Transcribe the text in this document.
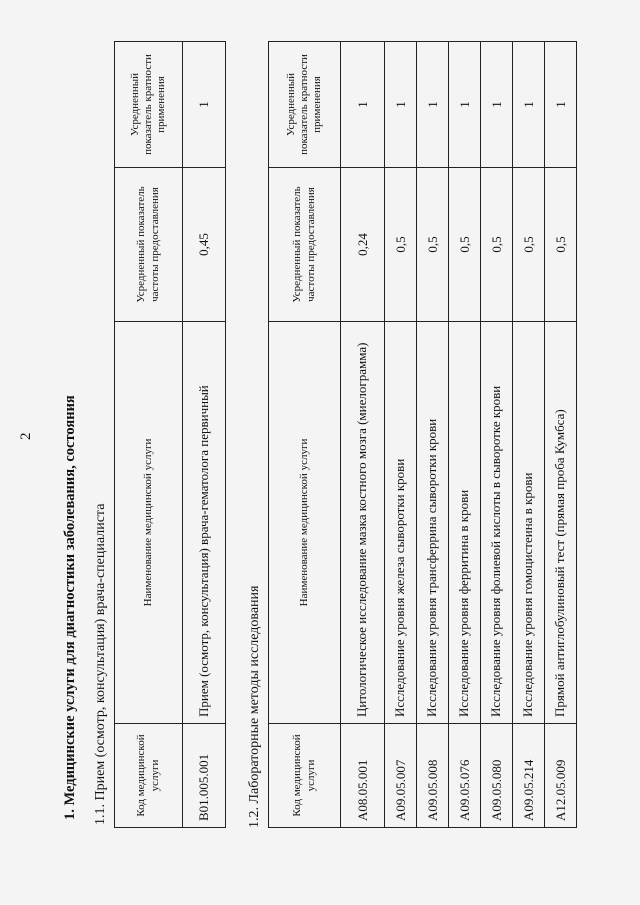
2 1. Медицинские услуги для диагностики заболевания, состояния 1.1. Прием (осмотр, консультация) врача-специалиста Код медицинской услуги	Наименование медицинской услуги	Усредненный показатель частоты предоставления	Усредненный показатель кратности применения
B01.005.001	Прием (осмотр, консультация) врача-гематолога первичный	0,45	1
1.2. Лабораторные методы исследования	Код медицинской услуги	Наименование медицинской услуги	Усредненный показатель частоты предоставления	Усредненный показатель кратности применения
A08.05.001	Цитологическое исследование мазка костного мозга (миелограмма)	0,24	1
A09.05.007	Исследование уровня железа сыворотки крови	0,5	1
A09.05.008	Исследование уровня трансферрина сыворотки крови	0,5	1
A09.05.076	Исследование уровня ферритина в крови	0,5	1
A09.05.080	Исследование уровня фолиевой кислоты в сыворотке крови	0,5	1
A09.05.214	Исследование уровня гомоцистеина в крови	0,5	1
A12.05.009	Прямой антиглобулиновый тест (прямая проба Кумбса)	0,5	1
